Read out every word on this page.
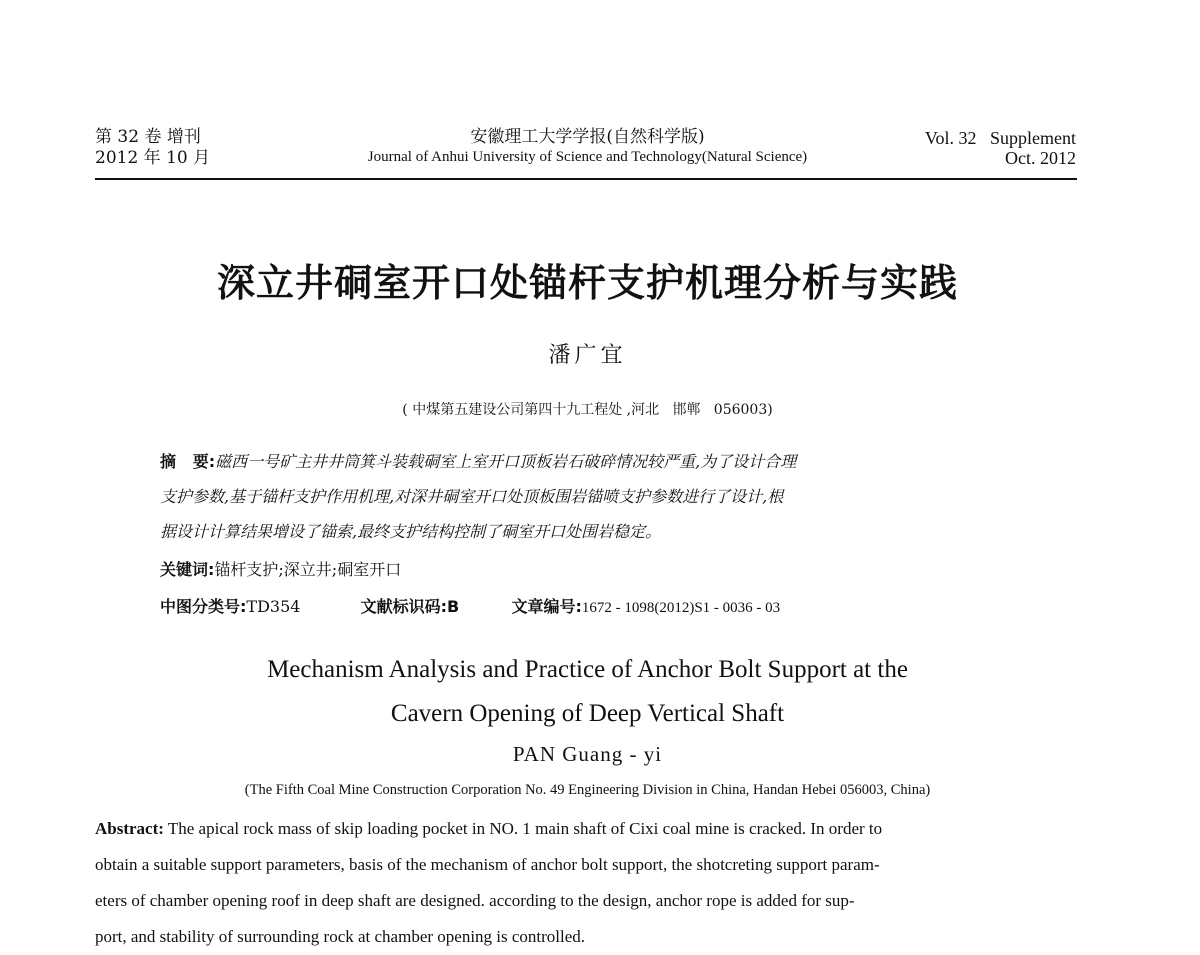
第 32 卷 增刊
2012 年 10 月
安徽理工大学学报(自然科学版)
Journal of Anhui University of Science and Technology(Natural Science)
Vol. 32   Supplement
Oct. 2012
深立井硐室开口处锚杆支护机理分析与实践
潘广宜
( 中煤第五建设公司第四十九工程处 ,河北   邯郸   056003)
摘   要:磁西一号矿主井井筒箕斗装载硐室上室开口顶板岩石破碎情况较严重,为了设计合理
支护参数,基于锚杆支护作用机理,对深井硐室开口处顶板围岩锚喷支护参数进行了设计,根
据设计计算结果增设了锚索,最终支护结构控制了硐室开口处围岩稳定。
关键词:锚杆支护;深立井;硐室开口
中图分类号:TD354	文献标识码:B	文章编号:1672 - 1098(2012)S1 - 0036 - 03
Mechanism Analysis and Practice of Anchor Bolt Support at the
Cavern Opening of Deep Vertical Shaft
PAN Guang - yi
(The Fifth Coal Mine Construction Corporation No. 49 Engineering Division in China, Handan Hebei 056003, China)
Abstract: The apical rock mass of skip loading pocket in NO. 1 main shaft of Cixi coal mine is cracked. In order to
obtain a suitable support parameters, basis of the mechanism of anchor bolt support, the shotcreting support param-
eters of chamber opening roof in deep shaft are designed. according to the design, anchor rope is added for sup-
port, and stability of surrounding rock at chamber opening is controlled.
